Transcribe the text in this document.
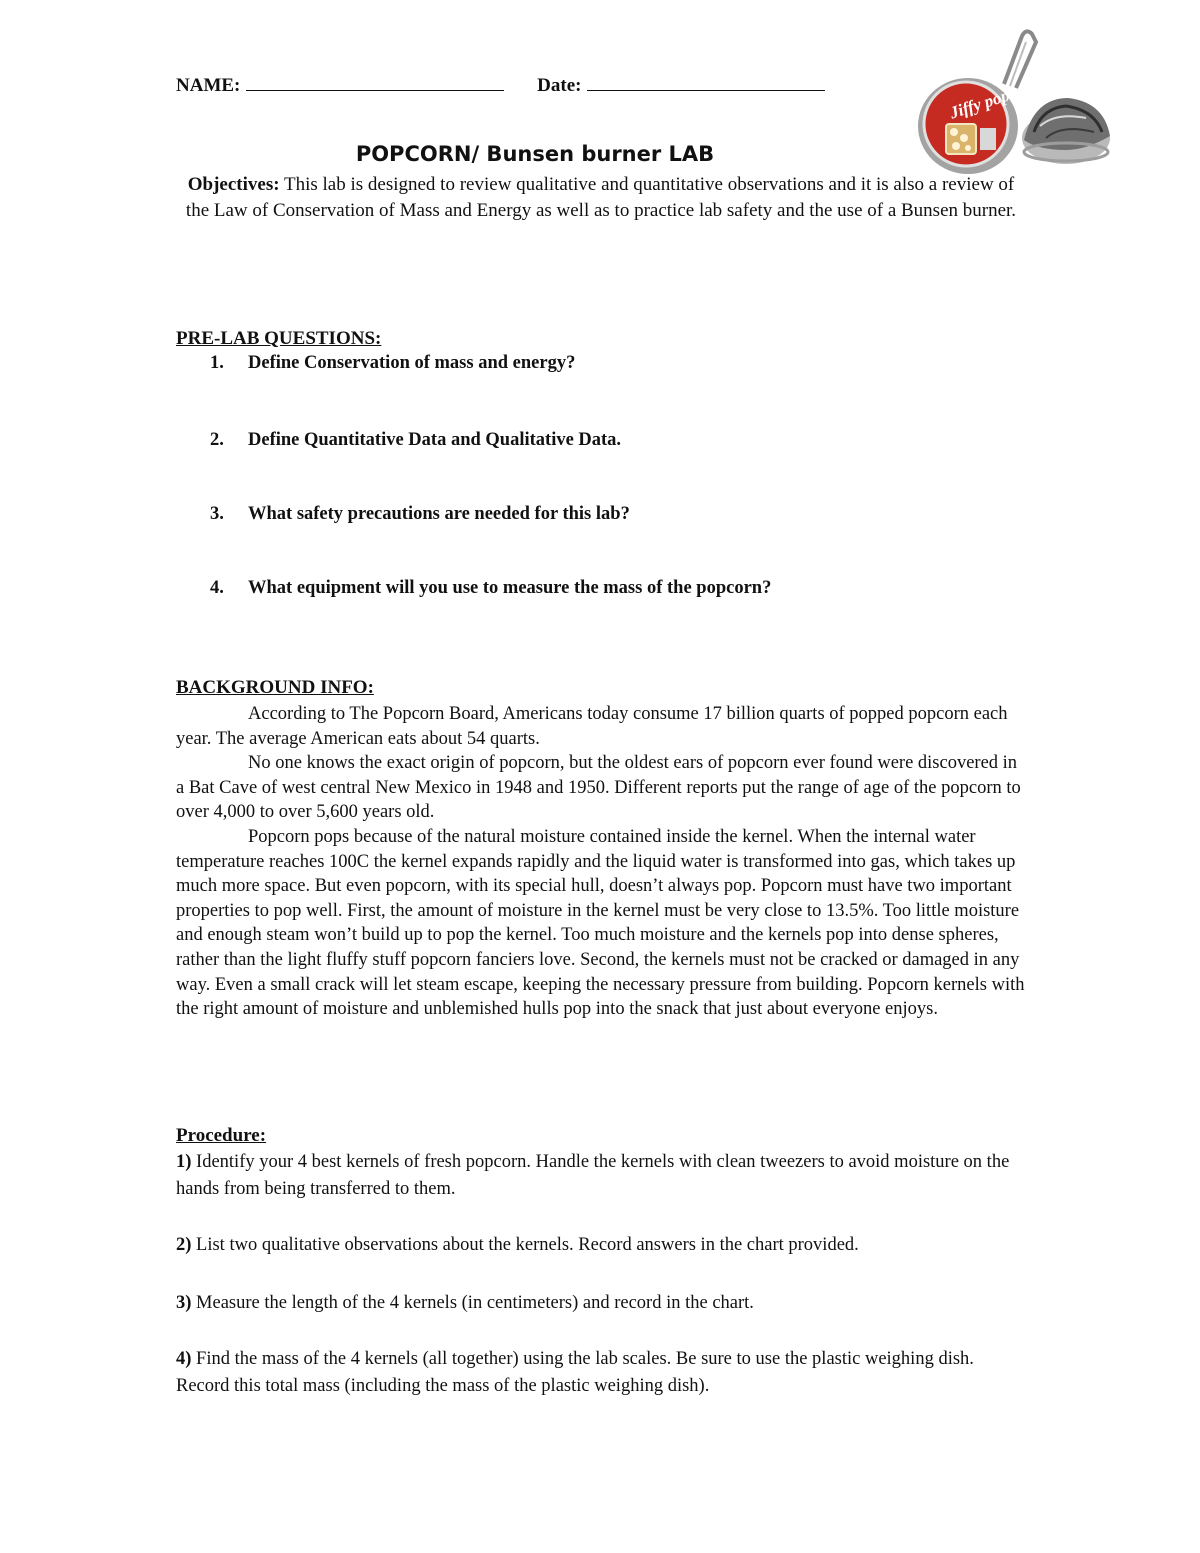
NAME:	Date:	Jiffy pop
POPCORN/ Bunsen burner LAB
Objectives: This lab is designed to review qualitative and quantitative observations and it is also a review of the Law of Conservation of Mass and Energy as well as to practice lab safety and the use of a Bunsen burner.
PRE-LAB QUESTIONS:
1. Define Conservation of mass and energy?
2. Define Quantitative Data and Qualitative Data.
3. What safety precautions are needed for this lab?
4. What equipment will you use to measure the mass of the popcorn?
BACKGROUND INFO:

According to The Popcorn Board, Americans today consume 17 billion quarts of popped popcorn each year. The average American eats about 54 quarts.

No one knows the exact origin of popcorn, but the oldest ears of popcorn ever found were discovered in a Bat Cave of west central New Mexico in 1948 and 1950. Different reports put the range of age of the popcorn to over 4,000 to over 5,600 years old.

Popcorn pops because of the natural moisture contained inside the kernel. When the internal water temperature reaches 100C the kernel expands rapidly and the liquid water is transformed into gas, which takes up much more space. But even popcorn, with its special hull, doesn’t always pop. Popcorn must have two important properties to pop well. First, the amount of moisture in the kernel must be very close to 13.5%. Too little moisture and enough steam won’t build up to pop the kernel. Too much moisture and the kernels pop into dense spheres, rather than the light fluffy stuff popcorn fanciers love. Second, the kernels must not be cracked or damaged in any way. Even a small crack will let steam escape, keeping the necessary pressure from building. Popcorn kernels with the right amount of moisture and unblemished hulls pop into the snack that just about everyone enjoys.

Procedure:
1) Identify your 4 best kernels of fresh popcorn. Handle the kernels with clean tweezers to avoid moisture on the hands from being transferred to them.
2) List two qualitative observations about the kernels. Record answers in the chart provided.
3) Measure the length of the 4 kernels (in centimeters) and record in the chart.
4) Find the mass of the 4 kernels (all together) using the lab scales. Be sure to use the plastic weighing dish. Record this total mass (including the mass of the plastic weighing dish).
